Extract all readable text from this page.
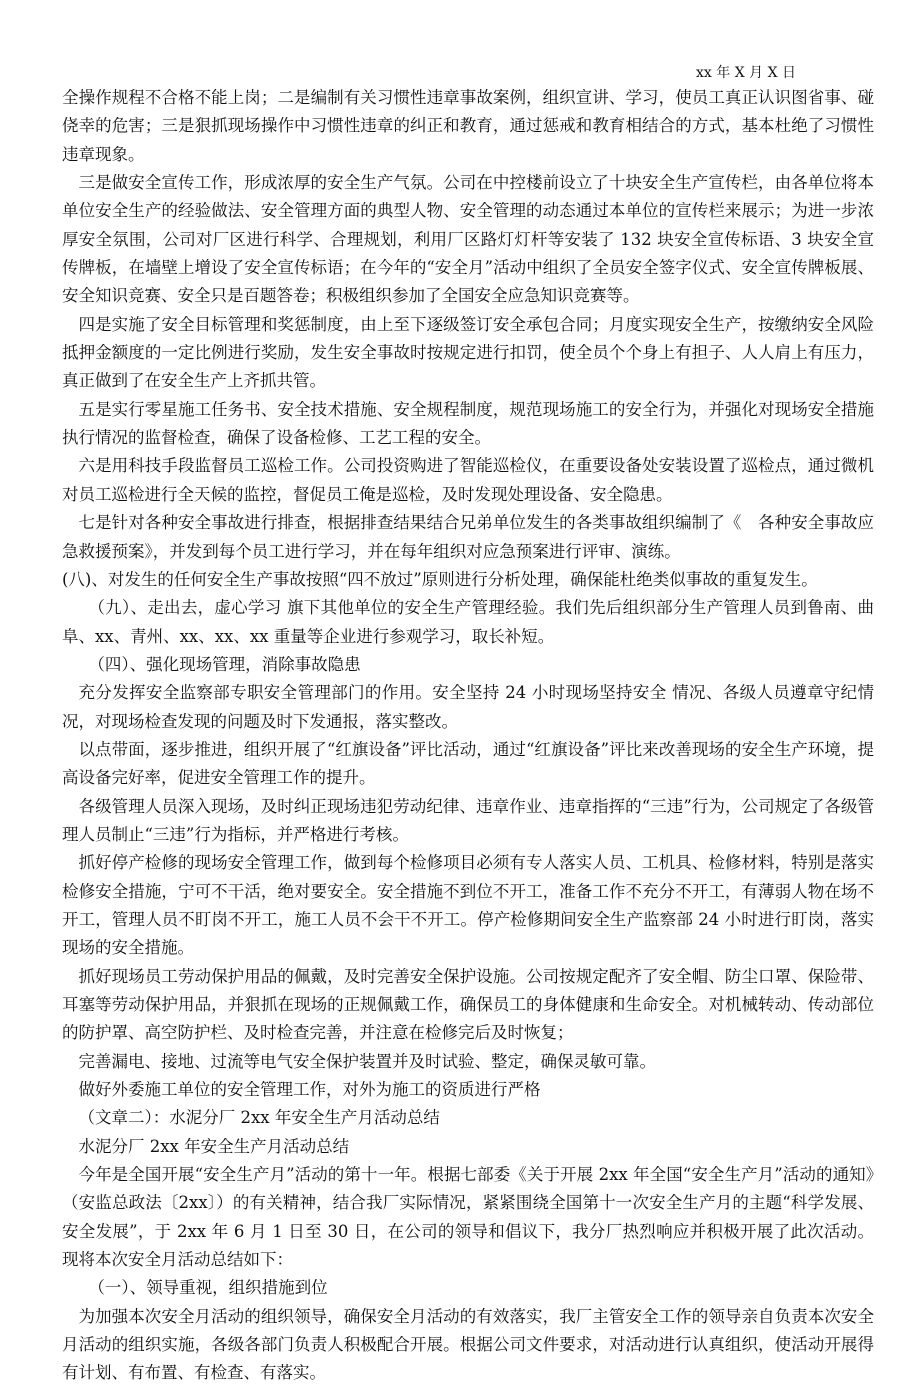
xx 年 X 月 X 日

全操作规程不合格不能上岗；二是编制有关习惯性违章事故案例，组织宣讲、学习，使员工真正认识图省事、碰侥幸的危害；三是狠抓现场操作中习惯性违章的纠正和教育，通过惩戒和教育相结合的方式，基本杜绝了习惯性违章现象。

三是做安全宣传工作，形成浓厚的安全生产气氛。公司在中控楼前设立了十块安全生产宣传栏，由各单位将本单位安全生产的经验做法、安全管理方面的典型人物、安全管理的动态通过本单位的宣传栏来展示；为进一步浓厚安全氛围，公司对厂区进行科学、合理规划，利用厂区路灯灯杆等安装了 132 块安全宣传标语、3 块安全宣传牌板，在墙壁上增设了安全宣传标语；在今年的“安全月”活动中组织了全员安全签字仪式、安全宣传牌板展、安全知识竞赛、安全只是百题答卷；积极组织参加了全国安全应急知识竞赛等。

四是实施了安全目标管理和奖惩制度，由上至下逐级签订安全承包合同；月度实现安全生产，按缴纳安全风险抵押金额度的一定比例进行奖励，发生安全事故时按规定进行扣罚，使全员个个身上有担子、人人肩上有压力，真正做到了在安全生产上齐抓共管。

五是实行零星施工任务书、安全技术措施、安全规程制度，规范现场施工的安全行为，并强化对现场安全措施执行情况的监督检查，确保了设备检修、工艺工程的安全。

六是用科技手段监督员工巡检工作。公司投资购进了智能巡检仪，在重要设备处安装设置了巡检点，通过微机对员工巡检进行全天候的监控，督促员工俺是巡检，及时发现处理设备、安全隐患。

七是针对各种安全事故进行排查，根据排查结果结合兄弟单位发生的各类事故组织编制了《　各种安全事故应急救援预案》，并发到每个员工进行学习，并在每年组织对应急预案进行评审、演练。

(八)、对发生的任何安全生产事故按照“四不放过”原则进行分析处理，确保能杜绝类似事故的重复发生。

（九）、走出去，虚心学习 旗下其他单位的安全生产管理经验。我们先后组织部分生产管理人员到鲁南、曲阜、xx、青州、xx、xx、xx 重量等企业进行参观学习，取长补短。

（四）、强化现场管理，消除事故隐患

充分发挥安全监察部专职安全管理部门的作用。安全坚持 24 小时现场坚持安全 情况、各级人员遵章守纪情况，对现场检查发现的问题及时下发通报，落实整改。

以点带面，逐步推进，组织开展了“红旗设备”评比活动，通过“红旗设备”评比来改善现场的安全生产环境，提高设备完好率，促进安全管理工作的提升。

各级管理人员深入现场，及时纠正现场违犯劳动纪律、违章作业、违章指挥的“三违”行为，公司规定了各级管理人员制止“三违”行为指标，并严格进行考核。

抓好停产检修的现场安全管理工作，做到每个检修项目必须有专人落实人员、工机具、检修材料，特别是落实检修安全措施，宁可不干活，绝对要安全。安全措施不到位不开工，准备工作不充分不开工，有薄弱人物在场不开工，管理人员不盯岗不开工，施工人员不会干不开工。停产检修期间安全生产监察部 24 小时进行盯岗，落实现场的安全措施。

抓好现场员工劳动保护用品的佩戴，及时完善安全保护设施。公司按规定配齐了安全帽、防尘口罩、保险带、耳塞等劳动保护用品，并狠抓在现场的正规佩戴工作，确保员工的身体健康和生命安全。对机械转动、传动部位的防护罩、高空防护栏、及时检查完善，并注意在检修完后及时恢复；

完善漏电、接地、过流等电气安全保护装置并及时试验、整定，确保灵敏可靠。

做好外委施工单位的安全管理工作，对外为施工的资质进行严格

（文章二）：水泥分厂 2xx 年安全生产月活动总结

水泥分厂 2xx 年安全生产月活动总结

今年是全国开展“安全生产月”活动的第十一年。根据七部委《关于开展 2xx 年全国“安全生产月”活动的通知》（安监总政法〔2xx〕）的有关精神，结合我厂实际情况，紧紧围绕全国第十一次安全生产月的主题“科学发展、安全发展”，于 2xx 年 6 月 1 日至 30 日，在公司的领导和倡议下，我分厂热烈响应并积极开展了此次活动。现将本次安全月活动总结如下：

（一）、领导重视，组织措施到位

为加强本次安全月活动的组织领导，确保安全月活动的有效落实，我厂主管安全工作的领导亲自负责本次安全月活动的组织实施，各级各部门负责人积极配合开展。根据公司文件要求，对活动进行认真组织，使活动开展得有计划、有布置、有检查、有落实。
